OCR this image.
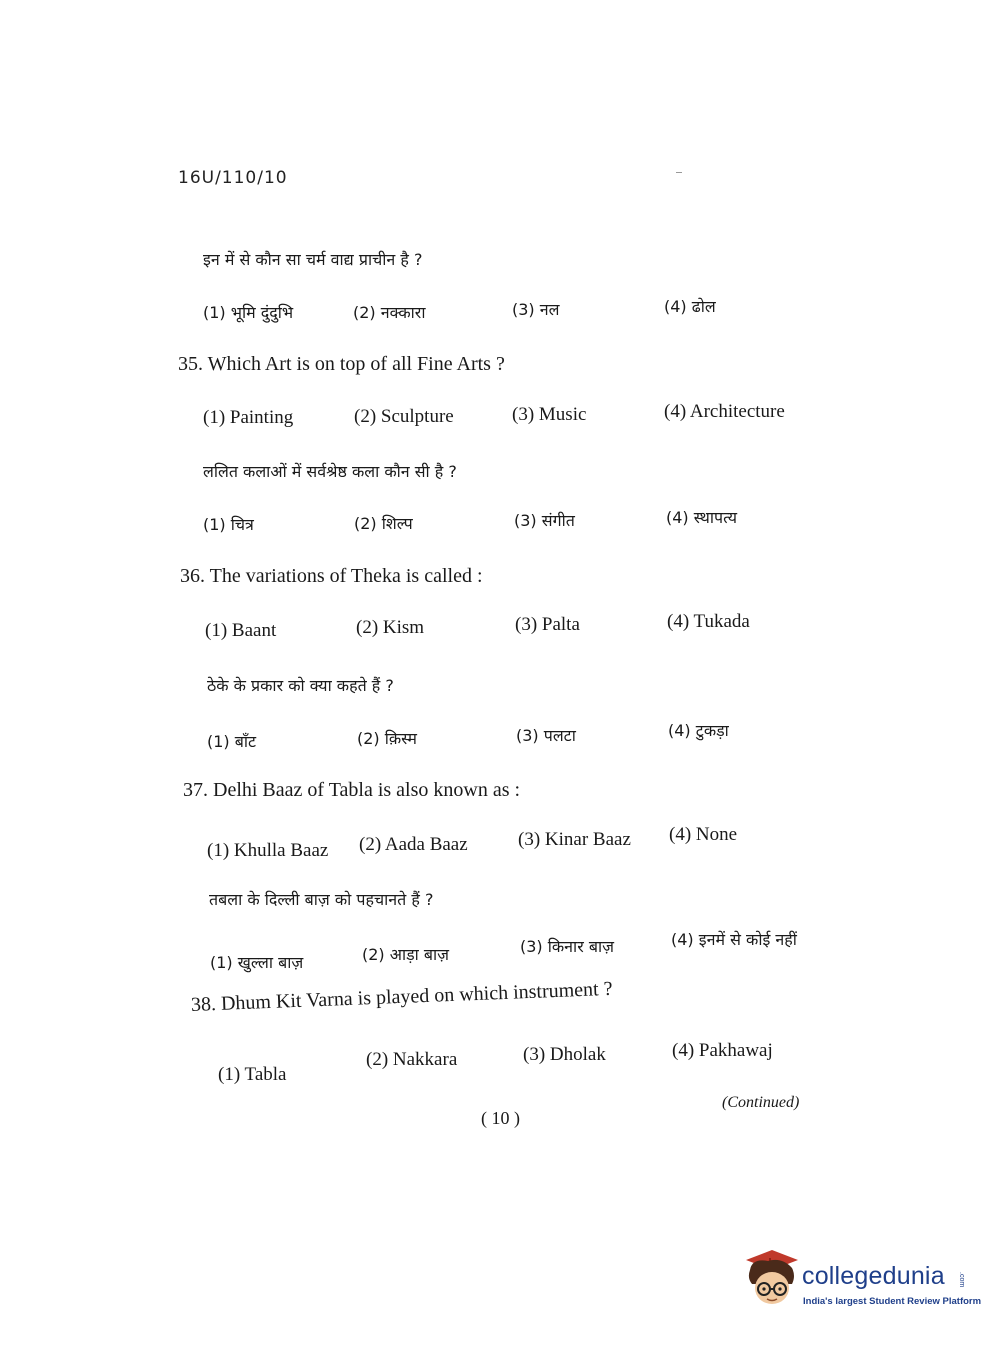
16U/110/10
इन में से कौन सा चर्म वाद्य प्राचीन है ?
(1) भूमि दुंदुभि	(2) नक्कारा	(3) नल	(4) ढोल
35. Which Art is on top of all Fine Arts ?
(1) Painting	(2) Sculpture	(3) Music	(4) Architecture
ललित कलाओं में सर्वश्रेष्ठ कला कौन सी है ?
(1) चित्र	(2) शिल्प	(3) संगीत	(4) स्थापत्य
36. The variations of Theka is called :
(1) Baant	(2) Kism	(3) Palta	(4) Tukada
ठेके के प्रकार को क्या कहते हैं ?
(1) बाँट	(2) क़िस्म	(3) पलटा	(4) टुकड़ा
37. Delhi Baaz of Tabla is also known as :
(1) Khulla Baaz (2) Aada Baaz	(3) Kinar Baaz (4) None
तबला के दिल्ली बाज़ को पहचानते हैं ?
(1) खुल्ला बाज़	(2) आड़ा बाज़	(3) किनार बाज़	(4) इनमें से कोई नहीं
38. Dhum Kit Varna is played on which instrument ?
(1) Tabla
(2) Nakkara	(3) Dholak	(4) Pakhawaj
( 10 )
(Continued)
collegedunia .com
India's largest Student Review Platform
